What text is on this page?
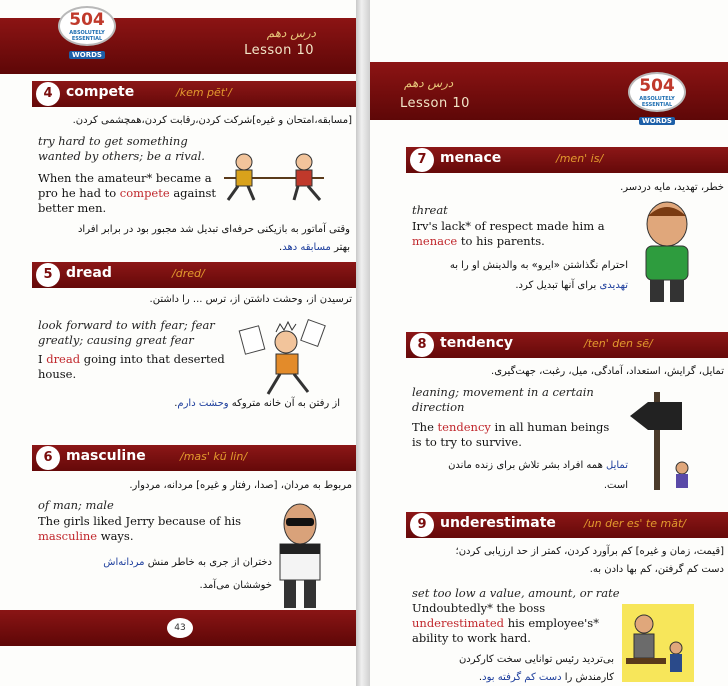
درس دهم
Lesson 10
504
ABSOLUTELY ESSENTIAL
WORDS
4 compete	/kem pēt'/
[مسابقه،امتحان و غیره]شرکت کردن،رقابت کردن،همچشمی کردن.
try hard to get something wanted by others; be a rival.
When the amateur* became a pro he had to compete against better men.
وقتی آماتور به بازیکنی حرفه‌ای تبدیل شد مجبور بود در برابر افراد
بهتر مسابقه دهد.
5 dread	/dred/
ترسیدن از، وحشت داشتن از، ترس ... را داشتن.
look forward to with fear; fear greatly; causing great fear
I dread going into that deserted house.
از رفتن به آن خانه متروکه وحشت دارم.
6 masculine	/mas' kū lin/
مربوط به مردان، [صدا، رفتار و غیره] مردانه، مردوار.
of man; male
The girls liked Jerry because of his masculine ways.
دختران از جری به خاطر منش مردانه‌اش
خوششان می‌آمد.
43
درس دهم
Lesson 10
504
ABSOLUTELY ESSENTIAL
WORDS
7 menace	/men' is/
خطر، تهدید، مایه دردسر.
threat
Irv's lack* of respect made him a menace to his parents.
احترام نگذاشتن «ایرو» به والدینش او را به
تهدیدی برای آنها تبدیل کرد.
8 tendency	/ten' den sē/
تمایل، گرایش، استعداد، آمادگی، میل، رغبت، جهت‌گیری.
leaning; movement in a certain direction
The tendency in all human beings is to try to survive.
تمایل همه افراد بشر تلاش برای زنده ماندن
است.
9 underestimate	/un der es' te māt/
[قیمت، زمان و غیره] کم برآورد کردن، کمتر از حد ارزیابی کردن؛
دست کم گرفتن، کم بها دادن به.
set too low a value, amount, or rate
Undoubtedly* the boss underestimated his employee's* ability to work hard.
بی‌تردید رئیس توانایی سخت کارکردن
کارمندش را دست کم گرفته بود.
